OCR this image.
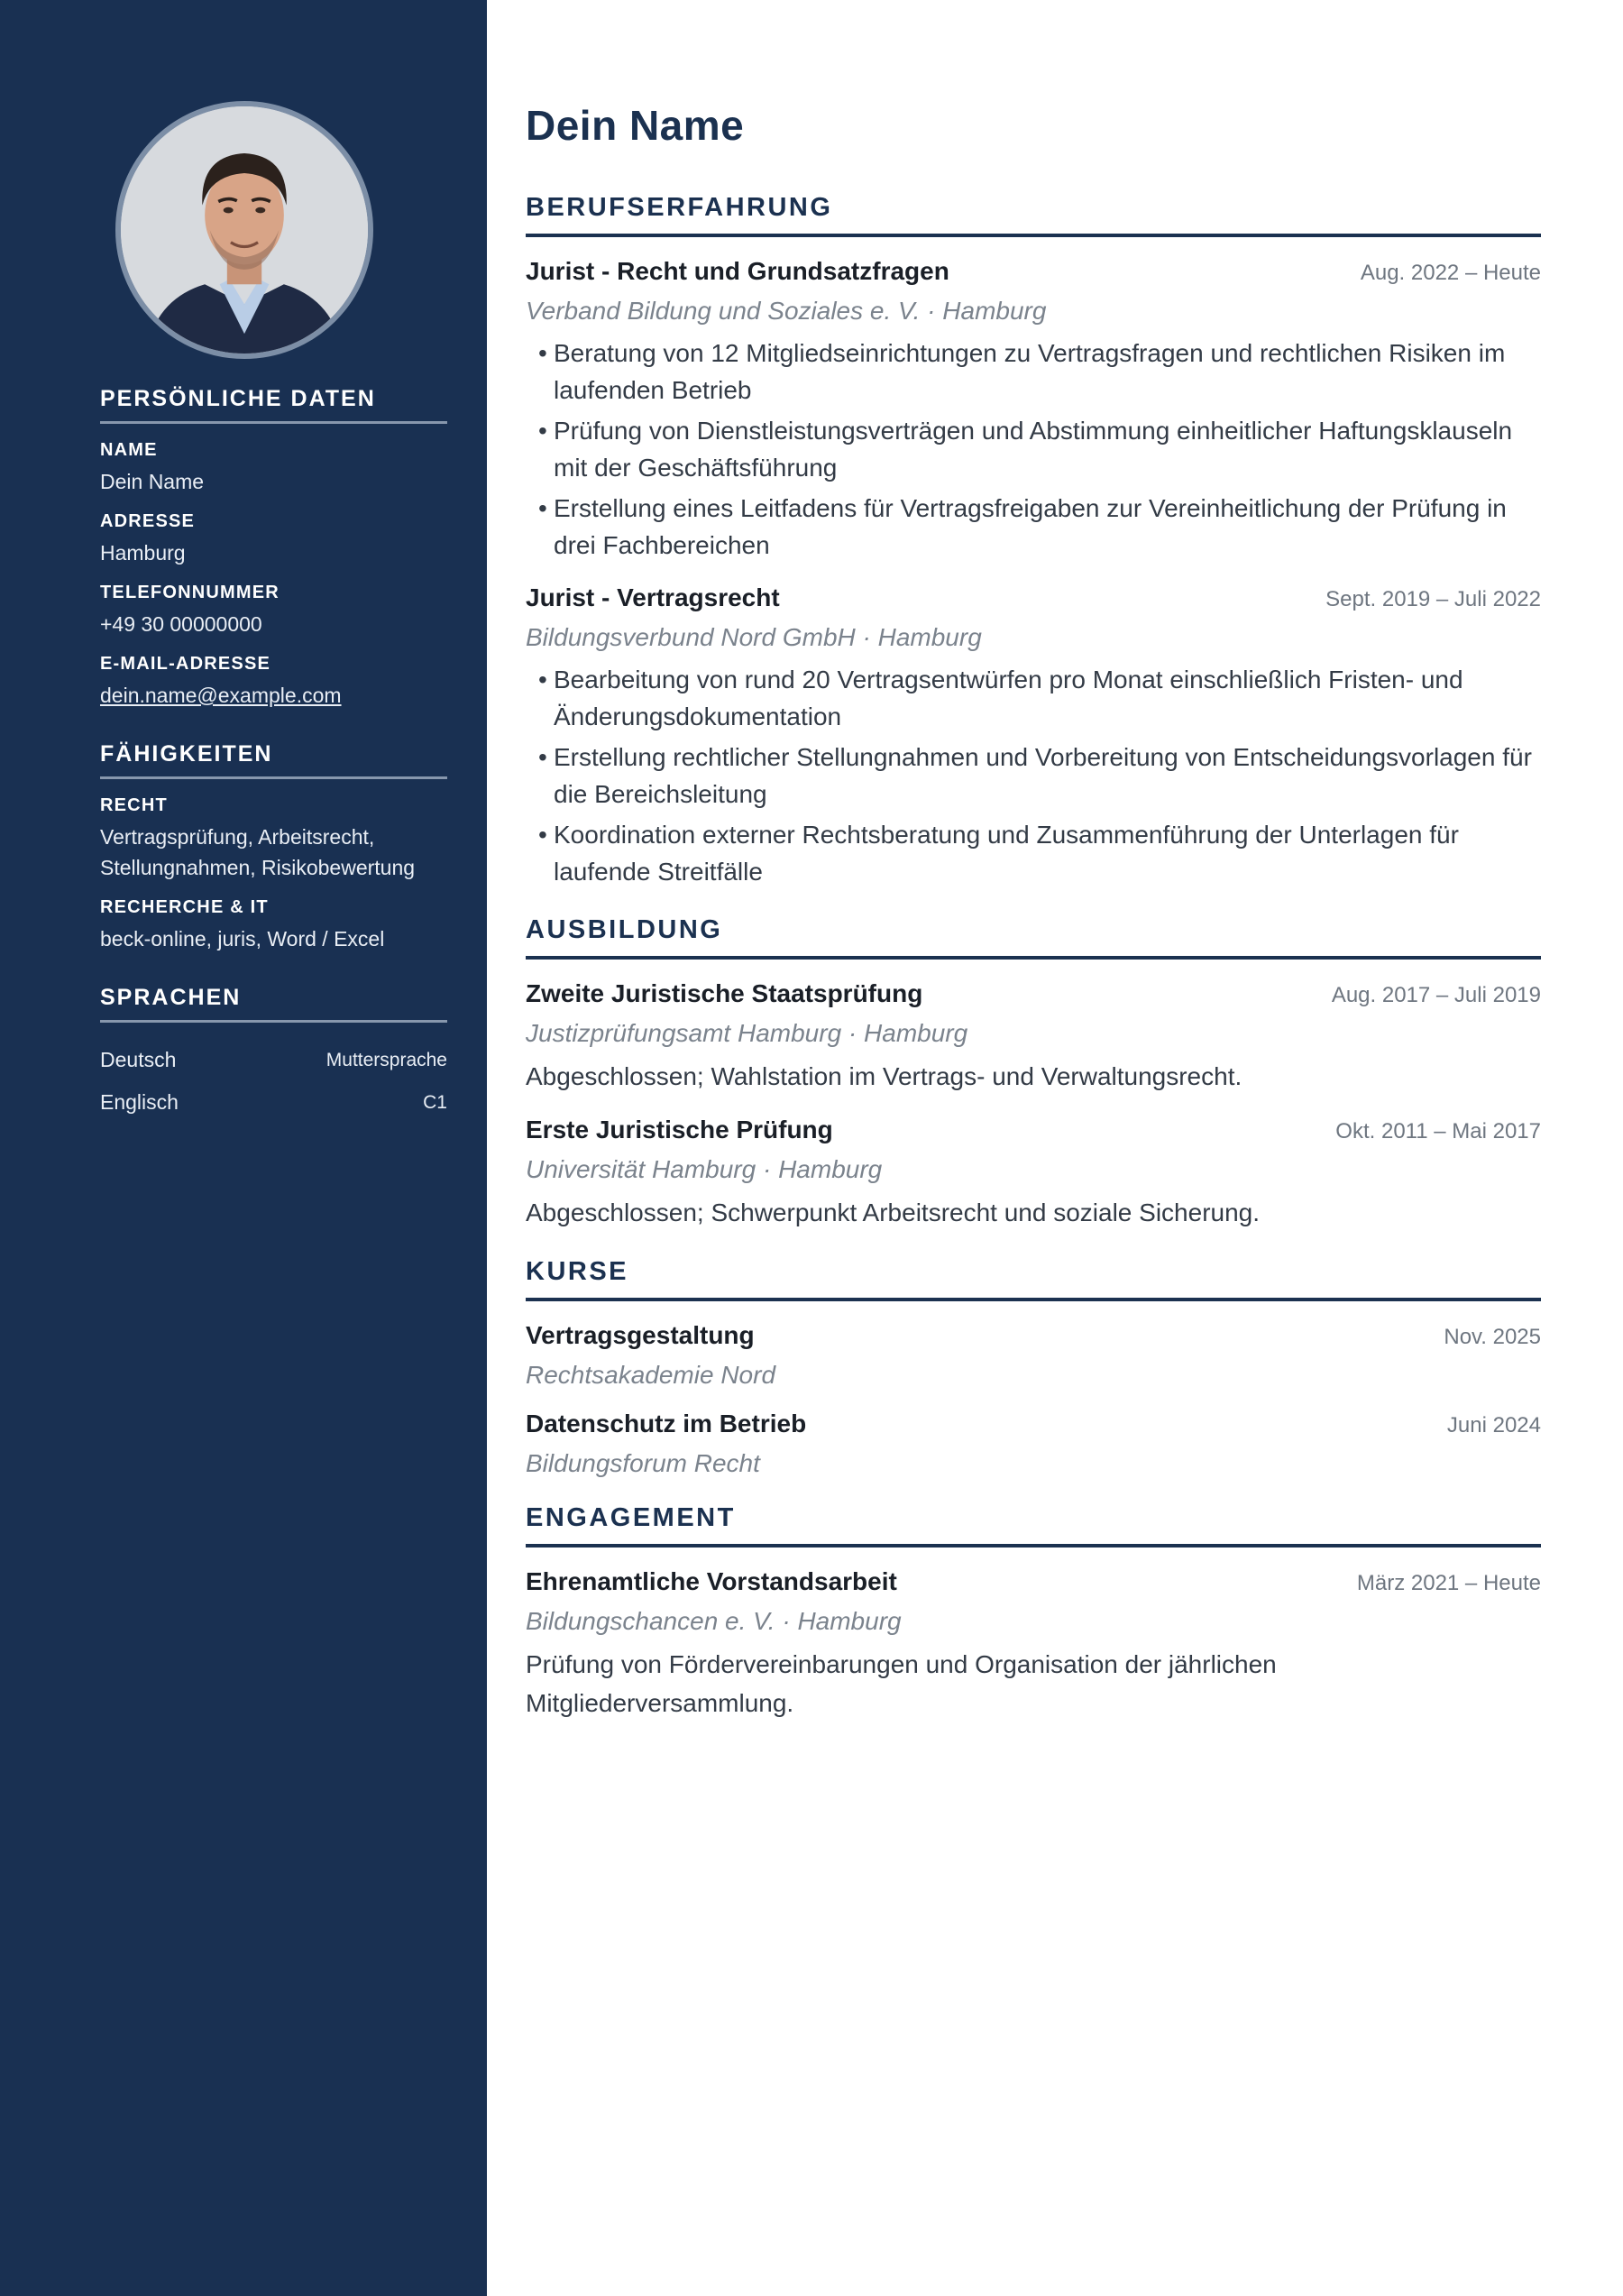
PERSÖNLICHE DATEN
NAME
Dein Name
ADRESSE
Hamburg
TELEFONNUMMER
+49 30 00000000
E-MAIL-ADRESSE
dein.name@example.com
FÄHIGKEITEN
RECHT
Vertragsprüfung, Arbeitsrecht,
Stellungnahmen, Risikobewertung
RECHERCHE & IT
beck-online, juris, Word / Excel
SPRACHEN
Deutsch	Muttersprache
Englisch	C1
Dein Name
BERUFSERFAHRUNG
Jurist - Recht und Grundsatzfragen	Aug. 2022 – Heute
Verband Bildung und Soziales e. V. · Hamburg
• Beratung von 12 Mitgliedseinrichtungen zu Vertragsfragen und rechtlichen Risiken im laufenden Betrieb
• Prüfung von Dienstleistungsverträgen und Abstimmung einheitlicher Haftungsklauseln mit der Geschäftsführung
• Erstellung eines Leitfadens für Vertragsfreigaben zur Vereinheitlichung der Prüfung in drei Fachbereichen
Jurist - Vertragsrecht	Sept. 2019 – Juli 2022
Bildungsverbund Nord GmbH · Hamburg
• Bearbeitung von rund 20 Vertragsentwürfen pro Monat einschließlich Fristen- und Änderungsdokumentation
• Erstellung rechtlicher Stellungnahmen und Vorbereitung von Entscheidungsvorlagen für die Bereichsleitung
• Koordination externer Rechtsberatung und Zusammenführung der Unterlagen für laufende Streitfälle
AUSBILDUNG
Zweite Juristische Staatsprüfung	Aug. 2017 – Juli 2019
Justizprüfungsamt Hamburg · Hamburg
Abgeschlossen; Wahlstation im Vertrags- und Verwaltungsrecht.
Erste Juristische Prüfung	Okt. 2011 – Mai 2017
Universität Hamburg · Hamburg
Abgeschlossen; Schwerpunkt Arbeitsrecht und soziale Sicherung.
KURSE
Vertragsgestaltung	Nov. 2025
Rechtsakademie Nord
Datenschutz im Betrieb	Juni 2024
Bildungsforum Recht
ENGAGEMENT
Ehrenamtliche Vorstandsarbeit	März 2021 – Heute
Bildungschancen e. V. · Hamburg
Prüfung von Fördervereinbarungen und Organisation der jährlichen Mitgliederversammlung.
